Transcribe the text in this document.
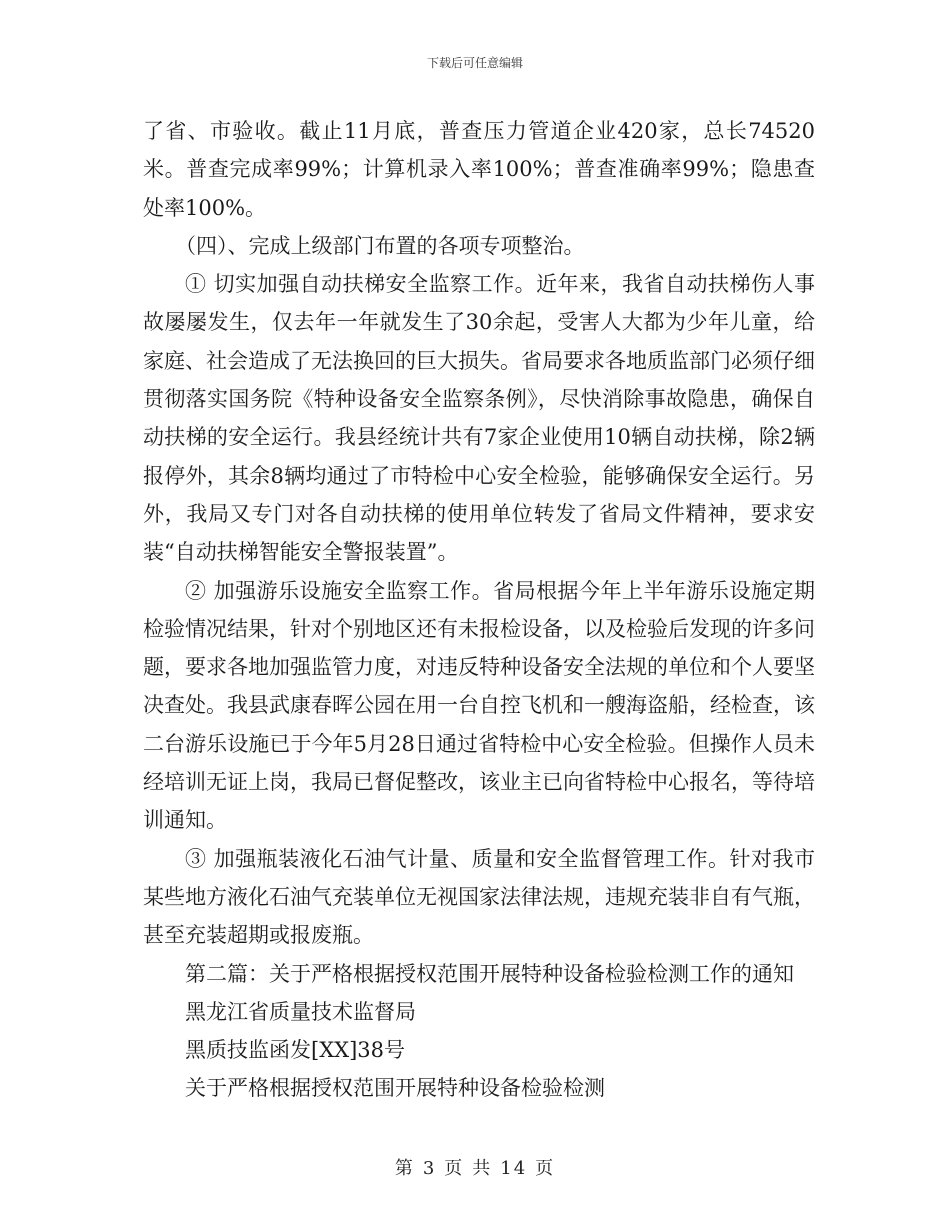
下载后可任意编辑

了省、市验收。截止11月底，普查压力管道企业420家，总长74520米。普查完成率99%；计算机录入率100%；普查准确率99%；隐患查处率100%。

（四）、完成上级部门布置的各项专项整治。

① 切实加强自动扶梯安全监察工作。近年来，我省自动扶梯伤人事故屡屡发生，仅去年一年就发生了30余起，受害人大都为少年儿童，给家庭、社会造成了无法换回的巨大损失。省局要求各地质监部门必须仔细贯彻落实国务院《特种设备安全监察条例》，尽快消除事故隐患，确保自动扶梯的安全运行。我县经统计共有7家企业使用10辆自动扶梯，除2辆报停外，其余8辆均通过了市特检中心安全检验，能够确保安全运行。另外，我局又专门对各自动扶梯的使用单位转发了省局文件精神，要求安装“自动扶梯智能安全警报装置”。

② 加强游乐设施安全监察工作。省局根据今年上半年游乐设施定期检验情况结果，针对个别地区还有未报检设备，以及检验后发现的许多问题，要求各地加强监管力度，对违反特种设备安全法规的单位和个人要坚决查处。我县武康春晖公园在用一台自控飞机和一艘海盗船，经检查，该二台游乐设施已于今年5月28日通过省特检中心安全检验。但操作人员未经培训无证上岗，我局已督促整改，该业主已向省特检中心报名，等待培训通知。

③ 加强瓶装液化石油气计量、质量和安全监督管理工作。针对我市某些地方液化石油气充装单位无视国家法律法规，违规充装非自有气瓶，甚至充装超期或报废瓶。

第二篇：关于严格根据授权范围开展特种设备检验检测工作的通知

黑龙江省质量技术监督局

黑质技监函发[XX]38号

关于严格根据授权范围开展特种设备检验检测

第 3 页 共 14 页
